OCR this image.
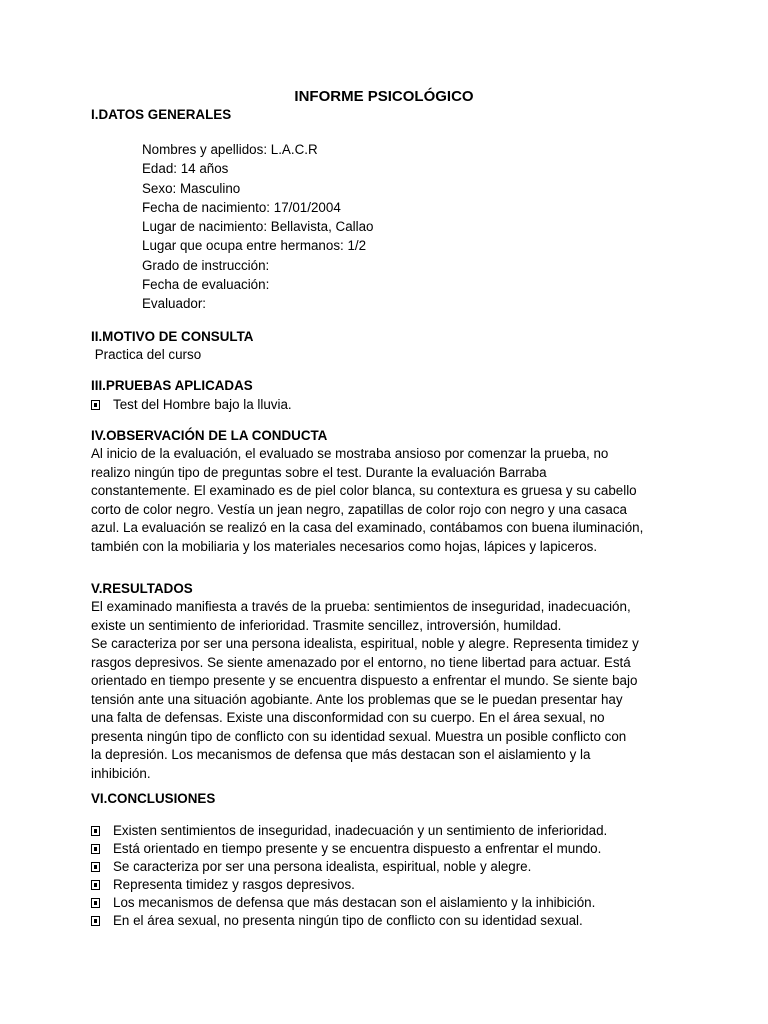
INFORME PSICOLÓGICO
I.DATOS GENERALES
Nombres y apellidos: L.A.C.R
Edad: 14 años
Sexo: Masculino
Fecha de nacimiento: 17/01/2004
Lugar de nacimiento: Bellavista, Callao
Lugar que ocupa entre hermanos: 1/2
Grado de instrucción:
Fecha de evaluación:
Evaluador:
II.MOTIVO DE CONSULTA
Practica del curso
III.PRUEBAS APLICADAS
Test del Hombre bajo la lluvia.
IV.OBSERVACIÓN DE LA CONDUCTA

Al inicio de la evaluación, el evaluado se mostraba ansioso por comenzar la prueba, no

realizo ningún tipo de preguntas sobre el test. Durante la evaluación Barraba

constantemente. El examinado es de piel color blanca, su contextura es gruesa y su cabello

corto de color negro. Vestía un jean negro, zapatillas de color rojo con negro y una casaca

azul. La evaluación se realizó en la casa del examinado, contábamos con buena iluminación,

también con la mobiliaria y los materiales necesarios como hojas, lápices y lapiceros.

V.RESULTADOS

El examinado manifiesta a través de la prueba: sentimientos de inseguridad, inadecuación,

existe un sentimiento de inferioridad. Trasmite sencillez, introversión, humildad.

Se caracteriza por ser una persona idealista, espiritual, noble y alegre. Representa timidez y

rasgos depresivos. Se siente amenazado por el entorno, no tiene libertad para actuar. Está

orientado en tiempo presente y se encuentra dispuesto a enfrentar el mundo. Se siente bajo

tensión ante una situación agobiante. Ante los problemas que se le puedan presentar hay

una falta de defensas. Existe una disconformidad con su cuerpo. En el área sexual, no

presenta ningún tipo de conflicto con su identidad sexual. Muestra un posible conflicto con

la depresión. Los mecanismos de defensa que más destacan son el aislamiento y la

inhibición.

VI.CONCLUSIONES
Existen sentimientos de inseguridad, inadecuación y un sentimiento de inferioridad.
Está orientado en tiempo presente y se encuentra dispuesto a enfrentar el mundo.
Se caracteriza por ser una persona idealista, espiritual, noble y alegre.
Representa timidez y rasgos depresivos.
Los mecanismos de defensa que más destacan son el aislamiento y la inhibición.
En el área sexual, no presenta ningún tipo de conflicto con su identidad sexual.
